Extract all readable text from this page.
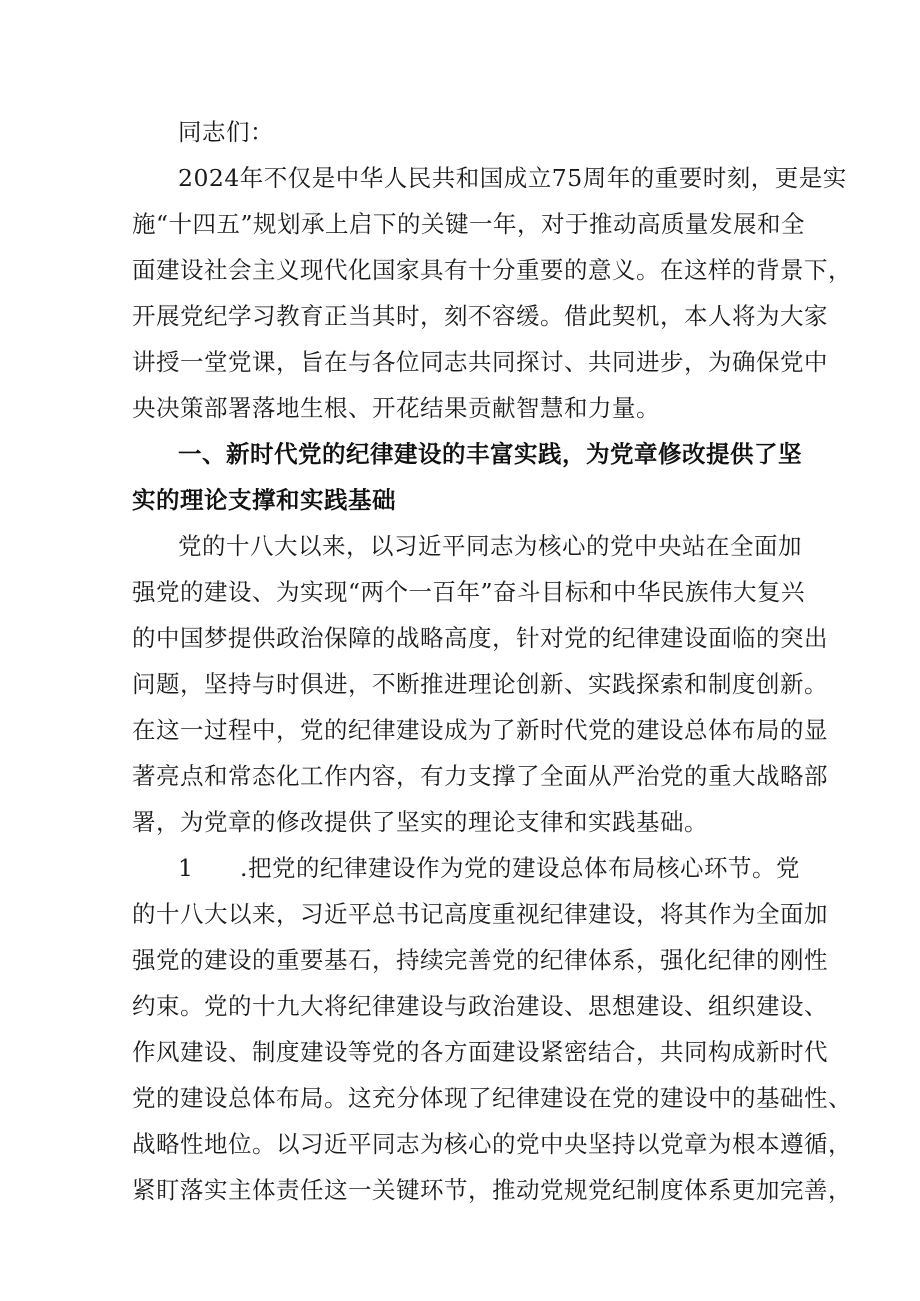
同志们：
2024年不仅是中华人民共和国成立75周年的重要时刻，更是实
施“十四五”规划承上启下的关键一年，对于推动高质量发展和全
面建设社会主义现代化国家具有十分重要的意义。在这样的背景下，
开展党纪学习教育正当其时，刻不容缓。借此契机，本人将为大家
讲授一堂党课，旨在与各位同志共同探讨、共同进步，为确保党中
央决策部署落地生根、开花结果贡献智慧和力量。
一、新时代党的纪律建设的丰富实践，为党章修改提供了坚
实的理论支撑和实践基础
党的十八大以来，以习近平同志为核心的党中央站在全面加
强党的建设、为实现“两个一百年”奋斗目标和中华民族伟大复兴
的中国梦提供政治保障的战略高度，针对党的纪律建设面临的突出
问题，坚持与时俱进，不断推进理论创新、实践探索和制度创新。
在这一过程中，党的纪律建设成为了新时代党的建设总体布局的显
著亮点和常态化工作内容，有力支撑了全面从严治党的重大战略部
署，为党章的修改提供了坚实的理论支律和实践基础。
1	.把党的纪律建设作为党的建设总体布局核心环节。党
的十八大以来，习近平总书记高度重视纪律建设，将其作为全面加
强党的建设的重要基石，持续完善党的纪律体系，强化纪律的刚性
约束。党的十九大将纪律建设与政治建设、思想建设、组织建设、
作风建设、制度建设等党的各方面建设紧密结合，共同构成新时代
党的建设总体布局。这充分体现了纪律建设在党的建设中的基础性、
战略性地位。以习近平同志为核心的党中央坚持以党章为根本遵循，
紧盯落实主体责任这一关键环节，推动党规党纪制度体系更加完善，
